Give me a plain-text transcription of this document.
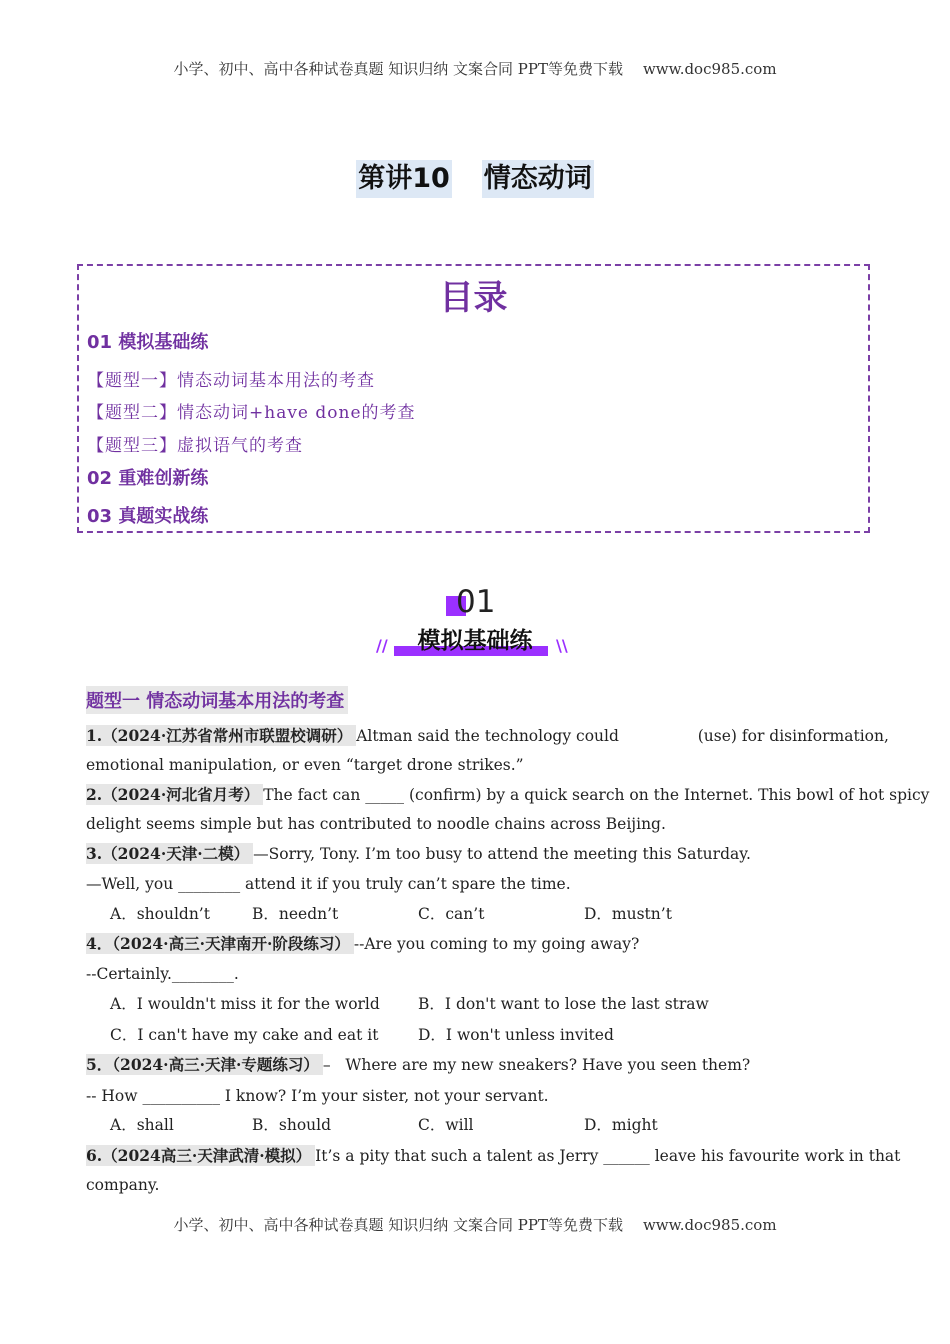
小学、初中、高中各种试卷真题 知识归纳 文案合同 PPT等免费下载 www.doc985.com
第讲10 情态动词
目录
01 模拟基础练
【题型一】情态动词基本用法的考查
【题型二】情态动词+have done的考查
【题型三】虚拟语气的考查
02 重难创新练
03 真题实战练
01
//	模拟基础练	\\
题型一 情态动词基本用法的考查
1.（2024·江苏省常州市联盟校调研） Altman said the technology could                (use) for disinformation,
emotional manipulation, or even “target drone strikes.”
2.（2024·河北省月考） The fact can _____ (confirm) by a quick search on the Internet. This bowl of hot spicy
delight seems simple but has contributed to noodle chains across Beijing.
3.（2024·天津·二模） —Sorry, Tony. I’m too busy to attend the meeting this Saturday.
—Well, you ________ attend it if you truly can’t spare the time.
A．shouldn’t	B．needn’t	C．can’t	D．mustn’t
4．（2024·高三·天津南开·阶段练习） --Are you coming to my going away?
--Certainly.________.
A．I wouldn't miss it for the world B．I don't want to lose the last straw
C．I can't have my cake and eat it	D．I won't unless invited
5．（2024·高三·天津·专题练习） –   Where are my new sneakers? Have you seen them?
-- How __________ I know? I’m your sister, not your servant.
A．shall	B．should	C．will	D．might
6.（2024高三·天津武清·模拟） It’s a pity that such a talent as Jerry ______ leave his favourite work in that
company.
小学、初中、高中各种试卷真题 知识归纳 文案合同 PPT等免费下载 www.doc985.com
